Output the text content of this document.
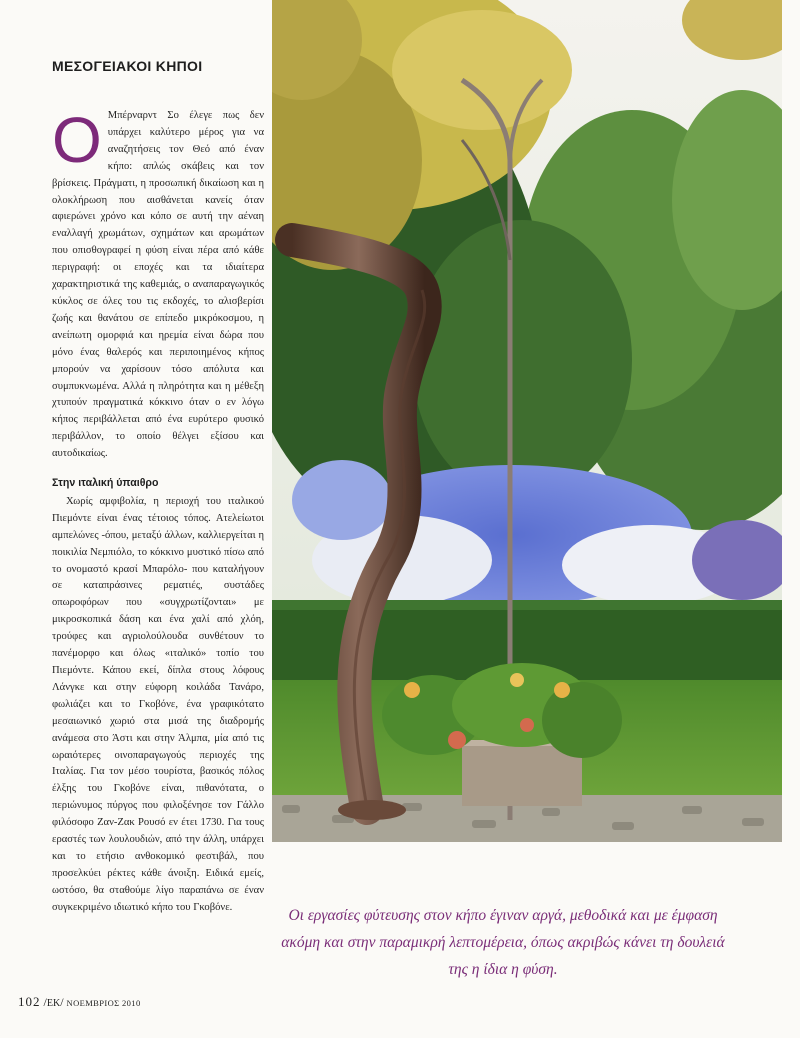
ΜΕΣΟΓΕΙΑΚΟΙ ΚΗΠΟΙ

Ο Μπέρναρντ Σο έλεγε πως δεν υπάρχει καλύτερο μέρος για να αναζητήσεις τον Θεό από έναν κήπο: απλώς σκάβεις και τον βρίσκεις. Πράγματι, η προσωπική δικαίωση και η ολοκλήρωση που αισθάνεται κανείς όταν αφιερώνει χρόνο και κόπο σε αυτή την αέναη εναλλαγή χρωμάτων, σχημάτων και αρωμάτων που οπισθογραφεί η φύση είναι πέρα από κάθε περιγραφή: οι εποχές και τα ιδιαίτερα χαρακτηριστικά της καθεμιάς, ο αναπαραγωγικός κύκλος σε όλες του τις εκδοχές, το αλισβερίσι ζωής και θανάτου σε επίπεδο μικρόκοσμου, η ανείπωτη ομορφιά και ηρεμία είναι δώρα που μόνο ένας θαλερός και περιποιημένος κήπος μπορούν να χαρίσουν τόσο απόλυτα και συμπυκνωμένα. Αλλά η πληρότητα και η μέθεξη χτυπούν πραγματικά κόκκινο όταν ο εν λόγω κήπος περιβάλλεται από ένα ευρύτερο φυσικό περιβάλλον, το οποίο θέλγει εξίσου και αυτοδικαίως.

Στην ιταλική ύπαιθρο

Χωρίς αμφιβολία, η περιοχή του ιταλικού Πιεμόντε είναι ένας τέτοιος τόπος. Ατελείωτοι αμπελώνες -όπου, μεταξύ άλλων, καλλιεργείται η ποικιλία Νεμπιόλο, το κόκκινο μυστικό πίσω από το ονομαστό κρασί Μπαρόλο- που καταλήγουν σε καταπράσινες ρεματιές, συστάδες οπωροφόρων που «συγχρωτίζονται» με μικροσκοπικά δάση και ένα χαλί από χλόη, τρούφες και αγριολούλουδα συνθέτουν το πανέμορφο και όλως «ιταλικό» τοπίο του Πιεμόντε. Κάπου εκεί, δίπλα στους λόφους Λάνγκε και στην εύφορη κοιλάδα Τανάρο, φωλιάζει και το Γκοβόνε, ένα γραφικότατο μεσαιωνικό χωριό στα μισά της διαδρομής ανάμεσα στο Άστι και στην Άλμπα, μία από τις ωραιότερες οινοπαραγωγούς περιοχές της Ιταλίας. Για τον μέσο τουρίστα, βασικός πόλος έλξης του Γκοβόνε είναι, πιθανότατα, ο περιώνυμος πύργος που φιλοξένησε τον Γάλλο φιλόσοφο Ζαν-Ζακ Ρουσό εν έτει 1730. Για τους εραστές των λουλουδιών, από την άλλη, υπάρχει και το ετήσιο ανθοκομικό φεστιβάλ, που προσελκύει ρέκτες κάθε άνοιξη. Ειδικά εμείς, ωστόσο, θα σταθούμε λίγο παραπάνω σε έναν συγκεκριμένο ιδιωτικό κήπο του Γκοβόνε.	Οι εργασίες φύτευσης στον κήπο έγιναν αργά, μεθοδικά και με έμφαση ακόμη και στην παραμικρή λεπτομέρεια, όπως ακριβώς κάνει τη δουλειά της η ίδια η φύση.
102 /ΕΚ/ ΝΟΕΜΒΡΙΟΣ 2010
